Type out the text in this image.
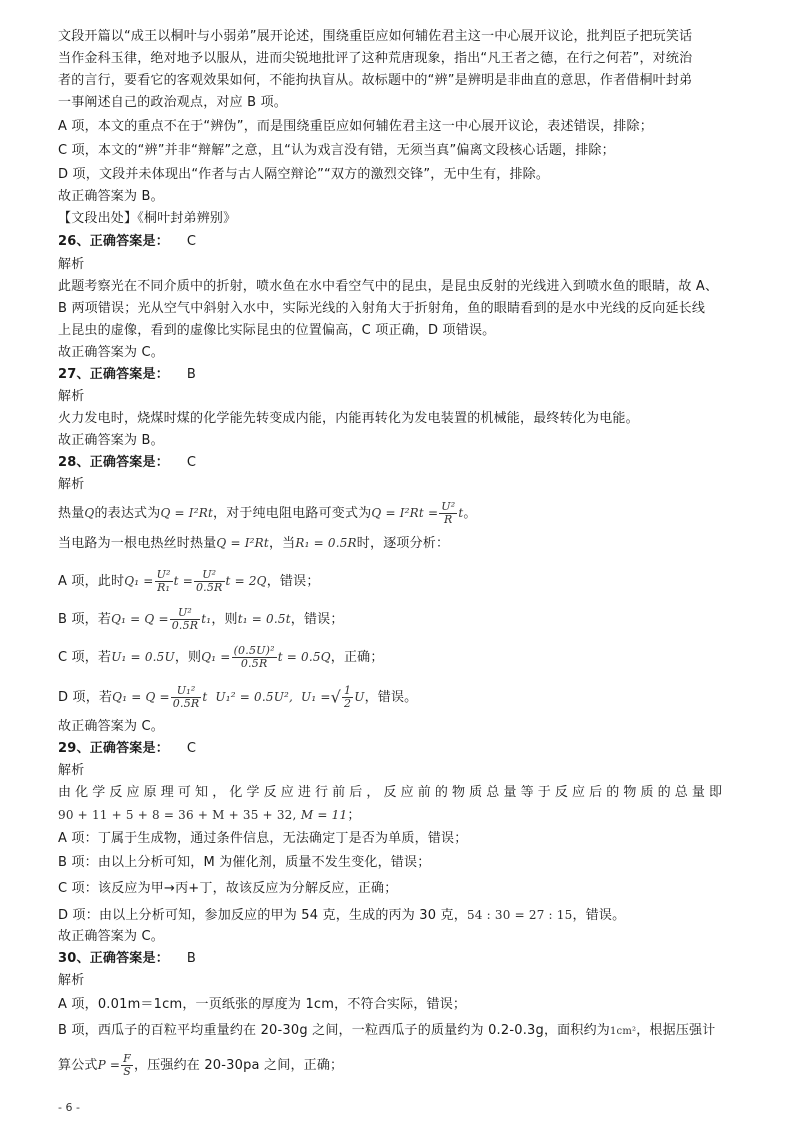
文段开篇以“成王以桐叶与小弱弟”展开论述，围绕重臣应如何辅佐君主这一中心展开议论，批判臣子把玩笑话
当作金科玉律，绝对地予以服从，进而尖锐地批评了这种荒唐现象，指出“凡王者之德，在行之何若”，对统治
者的言行，要看它的客观效果如何，不能拘执盲从。故标题中的“辨”是辨明是非曲直的意思，作者借桐叶封弟
一事阐述自己的政治观点，对应 B 项。
A 项，本文的重点不在于“辨伪”，而是围绕重臣应如何辅佐君主这一中心展开议论，表述错误，排除；
C 项，本文的“辨”并非“辩解”之意，且“认为戏言没有错，无须当真”偏离文段核心话题，排除；
D 项，文段并未体现出“作者与古人隔空辩论”“双方的激烈交锋”，无中生有，排除。
故正确答案为 B。
【文段出处】《桐叶封弟辨别》
26、正确答案是： C
解析
此题考察光在不同介质中的折射，喷水鱼在水中看空气中的昆虫，是昆虫反射的光线进入到喷水鱼的眼睛，故 A、
B 两项错误；光从空气中斜射入水中，实际光线的入射角大于折射角，鱼的眼睛看到的是水中光线的反向延长线
上昆虫的虚像，看到的虚像比实际昆虫的位置偏高，C 项正确，D 项错误。
故正确答案为 C。
27、正确答案是： B
解析
火力发电时，烧煤时煤的化学能先转变成内能，内能再转化为发电装置的机械能，最终转化为电能。
故正确答案为 B。
28、正确答案是： C
解析
热量Q的表达式为Q = I²Rt，对于纯电阻电路可变式为$Q = I^2Rt = \frac{\text{U²}}{R}$ t。
当电路为一根电热丝时热量Q = I²Rt，当R₁ = 0.5R时，逐项分析：
A 项，此时$Q_1 = \frac{\text{U²}}{\text{R₁}}$ $t = \frac{\text{U²}}{0.5R}$ t = 2Q，错误；
B 项，若$Q_1 = Q = \frac{\text{U²}}{0.5R} t_1$，则t₁ = 0.5t，错误；
C 项，若U₁ = 0.5U，则$Q_1 = \frac{\text{(0.5U)²}}{0.5R}$ t = 0.5Q，正确；
D 项，若$Q_1 = Q = \frac{\text{U₁²}}{0.5R}$ t U₁² = 0.5U², U₁ =√ $\frac{1}{2}$ U，错误。
故正确答案为 C。
29、正确答案是： C
解析
由 化 学 反 应 原 理 可 知 ， 化 学 反 应 进 行 前 后 ， 反 应 前 的 物 质 总 量 等 于 反 应 后 的 物 质 的 总 量 即
90 + 11 + 5 + 8 = 36 + M + 35 + 32, M = 11；
A 项：丁属于生成物，通过条件信息，无法确定丁是否为单质，错误；
B 项：由以上分析可知，M 为催化剂，质量不发生变化，错误；
C 项：该反应为甲→丙+丁，故该反应为分解反应，正确；
D 项：由以上分析可知，参加反应的甲为 54 克，生成的丙为 30 克，54 : 30 = 27 : 15，错误。
故正确答案为 C。
30、正确答案是： B
解析
A 项，0.01m＝1cm，一页纸张的厚度为 1cm，不符合实际，错误；
B 项，西瓜子的百粒平均重量约在 20-30g 之间，一粒西瓜子的质量约为 0.2-0.3g，面积约为1cm²，根据压强计
算公式$P = \frac{F}{S}$ ，压强约在 20-30pa 之间，正确；
- 6 -
